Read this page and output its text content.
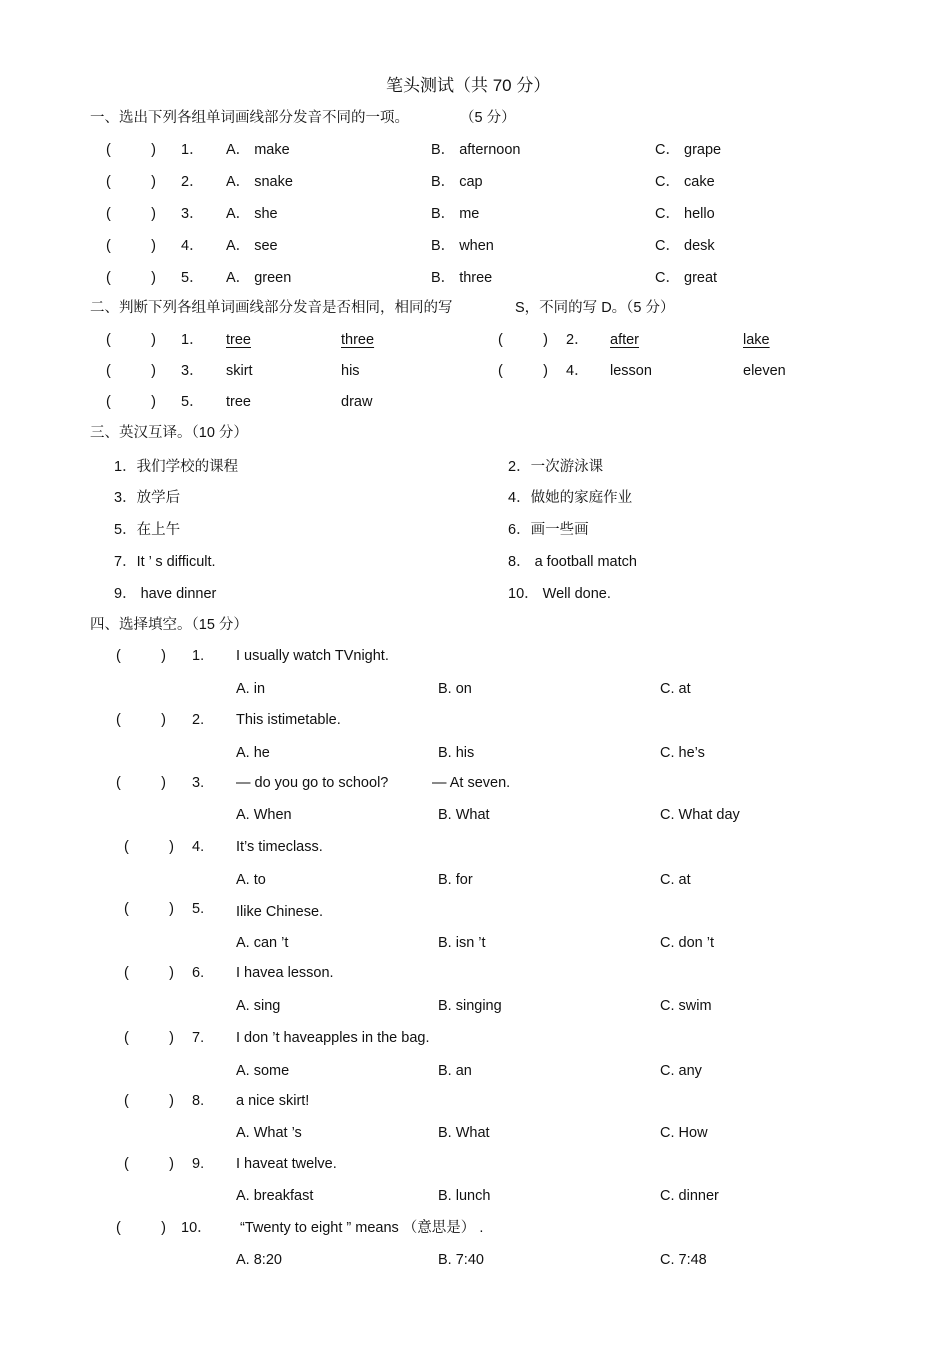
笔头测试（共 70 分）
一、选出下列各组单词画线部分发音不同的一项。	（5 分）
(          ) 1． A． make	B． afternoon	C． grape
(          ) 2． A． snake	B． cap	C． cake
(          ) 3． A． she	B． me	C． hello
(          ) 4． A． see	B． when	C． desk
(          ) 5． A． green	B． three	C． great
二、判断下列各组单词画线部分发音是否相同，相同的写	S，不同的写 D。（5 分）
(          ) 1． tree	three	(          ) 2． after	lake
(          ) 3． skirt	his	(          ) 4． lesson	eleven
(          ) 5． tree	draw
三、英汉互译。（10 分）
1．我们学校的课程	2．一次游泳课
3．放学后	4．做她的家庭作业
5．在上午	6．画一些画
7．It ’ s difficult.	8． a football match
9． have dinner	10． Well done.
四、选择填空。（15 分）
(          ) 1. I usually watch TVnight.
A. in	B. on	C. at
(          ) 2. This istimetable.
A. he	B. his	C. he’s
(          ) 3. — do you go to school?	— At seven.
A. When	B. What	C. What day
(          ) 4. It’s timeclass.
A. to	B. for	C. at
(          ) 5. Ilike Chinese.
A. can ’t	B. isn ’t	C. don ’t
(          ) 6. I havea lesson.
A. sing	B. singing	C. swim
(          ) 7. I don ’t haveapples in the bag.
A. some	B. an	C. any
(          ) 8. a nice skirt!
A. What ’s	B. What	C. How
(          ) 9. I haveat twelve.
A. breakfast	B. lunch	C. dinner
(          ) 10． “Twenty to eight ” means （意思是） .
A. 8:20	B. 7:40	C. 7:48
